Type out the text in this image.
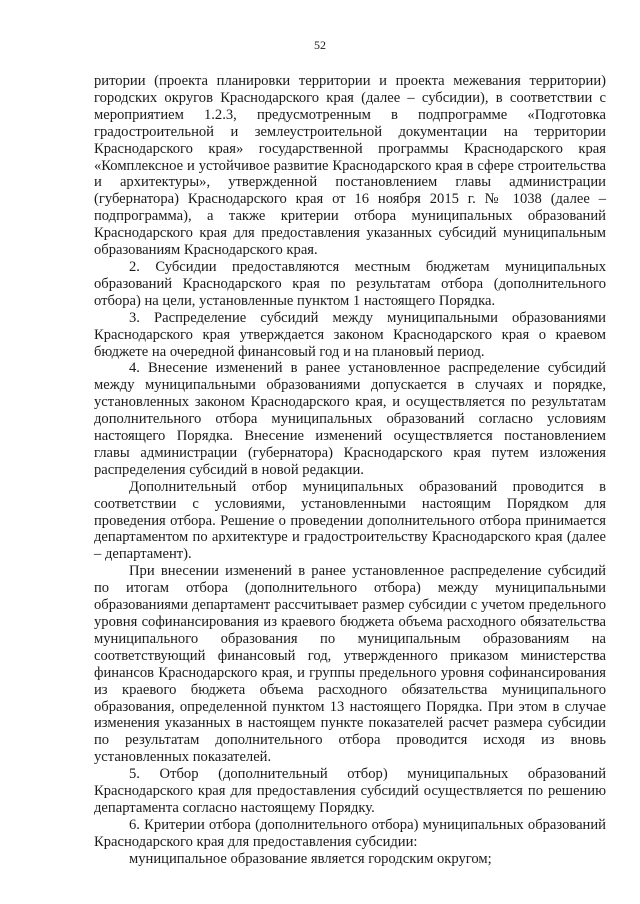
52

ритории (проекта планировки территории и проекта межевания территории) городских округов Краснодарского края (далее – субсидии), в соответствии с мероприятием 1.2.3, предусмотренным в подпрограмме «Подготовка градостроительной и землеустроительной документации на территории Краснодарского края» государственной программы Краснодарского края «Комплексное и устойчивое развитие Краснодарского края в сфере строительства и архитектуры», утвержденной постановлением главы администрации (губернатора) Краснодарского края от 16 ноября 2015 г. № 1038 (далее – подпрограмма), а также критерии отбора муниципальных образований Краснодарского края для предоставления указанных субсидий муниципальным образованиям Краснодарского края.

2. Субсидии предоставляются местным бюджетам муниципальных образований Краснодарского края по результатам отбора (дополнительного отбора) на цели, установленные пунктом 1 настоящего Порядка.

3. Распределение субсидий между муниципальными образованиями Краснодарского края утверждается законом Краснодарского края о краевом бюджете на очередной финансовый год и на плановый период.

4. Внесение изменений в ранее установленное распределение субсидий между муниципальными образованиями допускается в случаях и порядке, установленных законом Краснодарского края, и осуществляется по результатам дополнительного отбора муниципальных образований согласно условиям настоящего Порядка. Внесение изменений осуществляется постановлением главы администрации (губернатора) Краснодарского края путем изложения распределения субсидий в новой редакции.

Дополнительный отбор муниципальных образований проводится в соответствии с условиями, установленными настоящим Порядком для проведения отбора. Решение о проведении дополнительного отбора принимается департаментом по архитектуре и градостроительству Краснодарского края (далее – департамент).

При внесении изменений в ранее установленное распределение субсидий по итогам отбора (дополнительного отбора) между муниципальными образованиями департамент рассчитывает размер субсидии с учетом предельного уровня софинансирования из краевого бюджета объема расходного обязательства муниципального образования по муниципальным образованиям на соответствующий финансовый год, утвержденного приказом министерства финансов Краснодарского края, и группы предельного уровня софинансирования из краевого бюджета объема расходного обязательства муниципального образования, определенной пунктом 13 настоящего Порядка. При этом в случае изменения указанных в настоящем пункте показателей расчет размера субсидии по результатам дополнительного отбора проводится исходя из вновь установленных показателей.

5. Отбор (дополнительный отбор) муниципальных образований Краснодарского края для предоставления субсидий осуществляется по решению департамента согласно настоящему Порядку.

6. Критерии отбора (дополнительного отбора) муниципальных образований Краснодарского края для предоставления субсидии:

муниципальное образование является городским округом;
